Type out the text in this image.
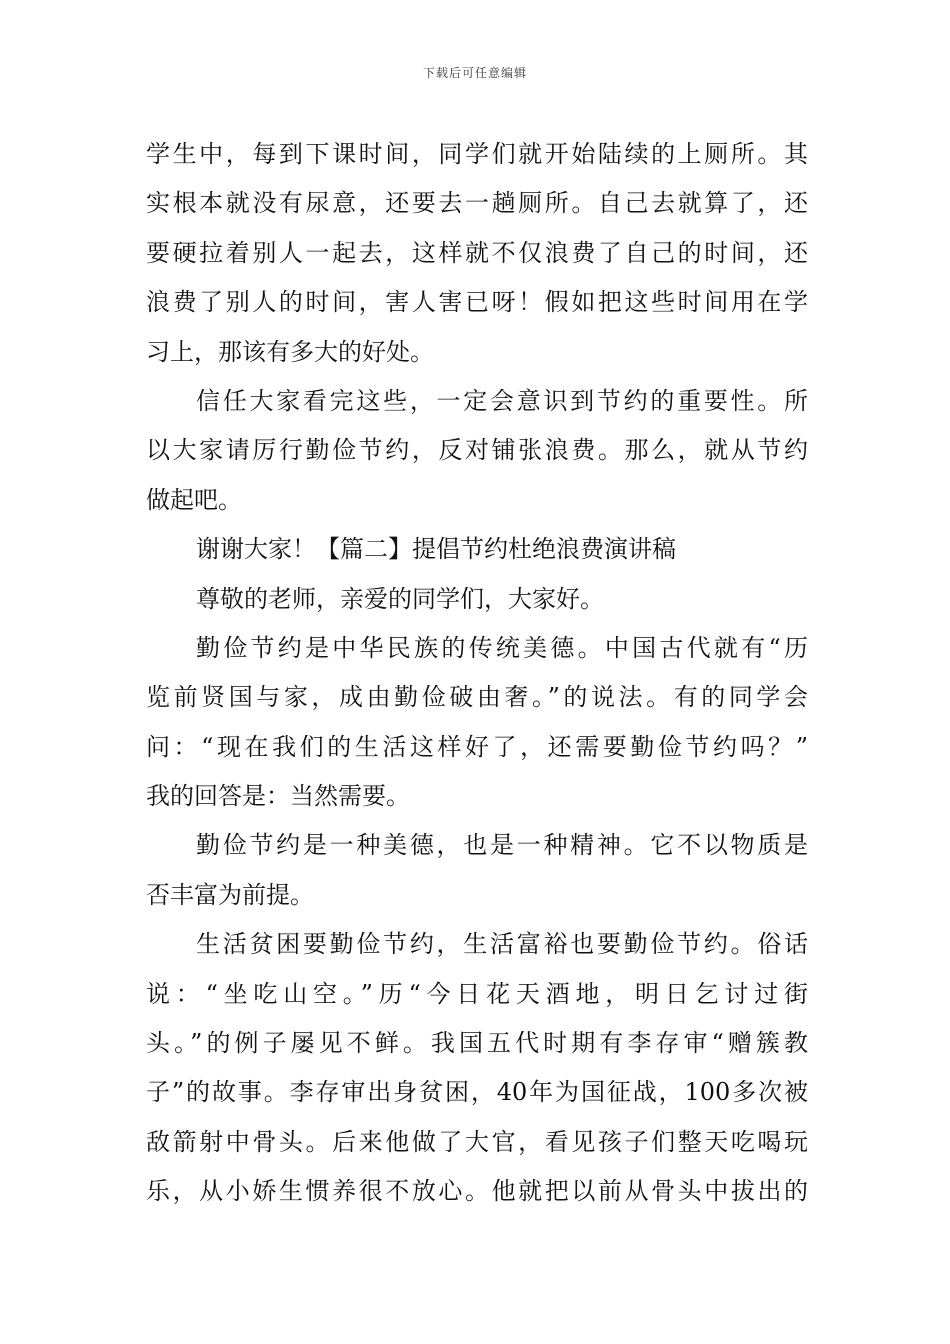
下载后可任意编辑
学生中，每到下课时间，同学们就开始陆续的上厕所。其
实根本就没有尿意，还要去一趟厕所。自己去就算了，还
要硬拉着别人一起去，这样就不仅浪费了自己的时间，还
浪费了别人的时间，害人害已呀！假如把这些时间用在学
习上，那该有多大的好处。
信任大家看完这些，一定会意识到节约的重要性。所
以大家请厉行勤俭节约，反对铺张浪费。那么，就从节约
做起吧。
谢谢大家！【篇二】提倡节约杜绝浪费演讲稿
尊敬的老师，亲爱的同学们，大家好。
勤俭节约是中华民族的传统美德。中国古代就有“历
览前贤国与家，成由勤俭破由奢。”的说法。有的同学会
问：“现在我们的生活这样好了，还需要勤俭节约吗？”
我的回答是：当然需要。
勤俭节约是一种美德，也是一种精神。它不以物质是
否丰富为前提。
生活贫困要勤俭节约，生活富裕也要勤俭节约。俗话
说：“坐吃山空。”历“今日花天酒地，明日乞讨过街
头。”的例子屡见不鲜。我国五代时期有李存审“赠簇教
子”的故事。李存审出身贫困，40年为国征战，100多次被
敌箭射中骨头。后来他做了大官，看见孩子们整天吃喝玩
乐，从小娇生惯养很不放心。他就把以前从骨头中拔出的
